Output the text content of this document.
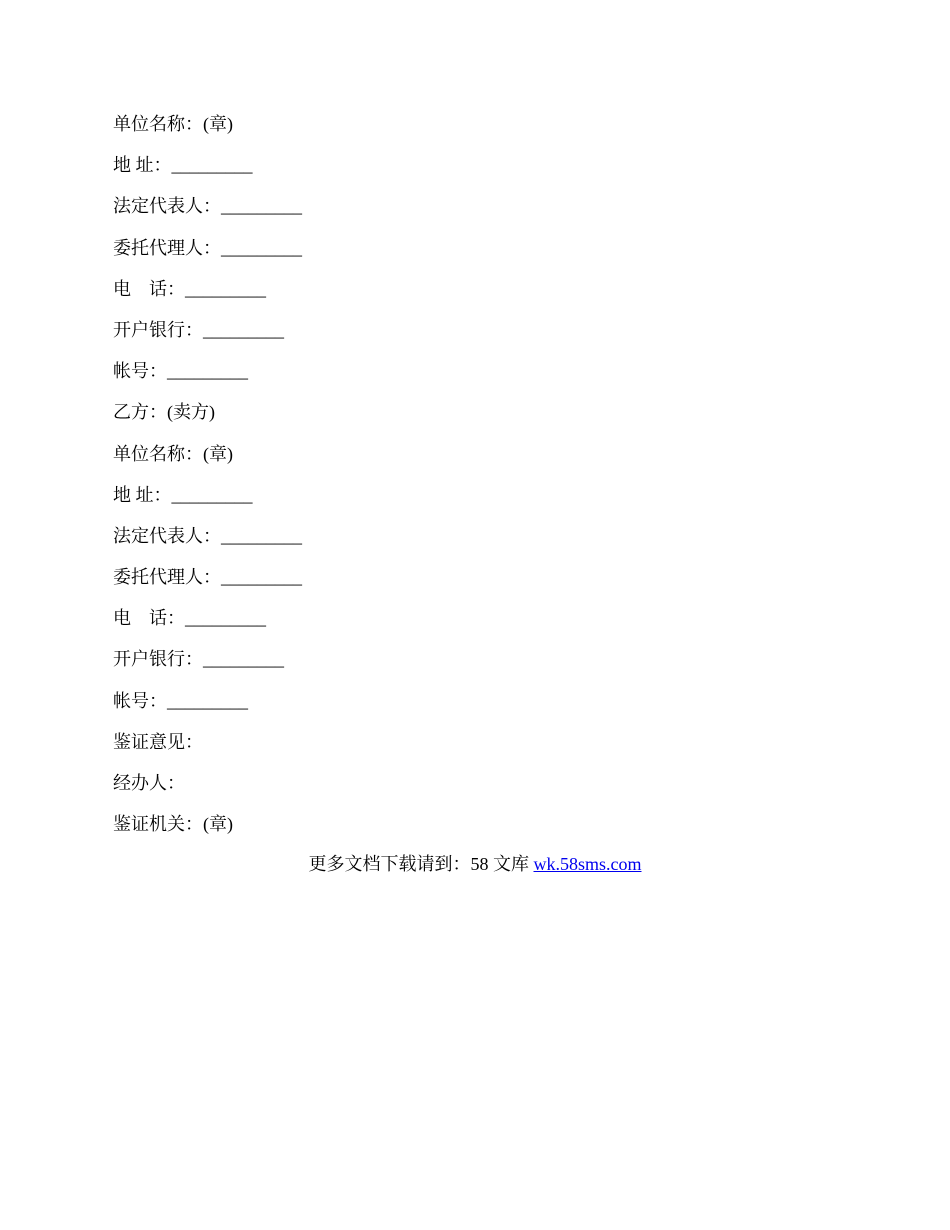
单位名称：(章)
地 址：_________
法定代表人：_________
委托代理人：_________
电　话：_________
开户银行：_________
帐号：_________
乙方：(卖方)
单位名称：(章)
地 址：_________
法定代表人：_________
委托代理人：_________
电　话：_________
开户银行：_________
帐号：_________
鉴证意见：
经办人：
鉴证机关：(章)
更多文档下载请到：58 文库 wk.58sms.com
